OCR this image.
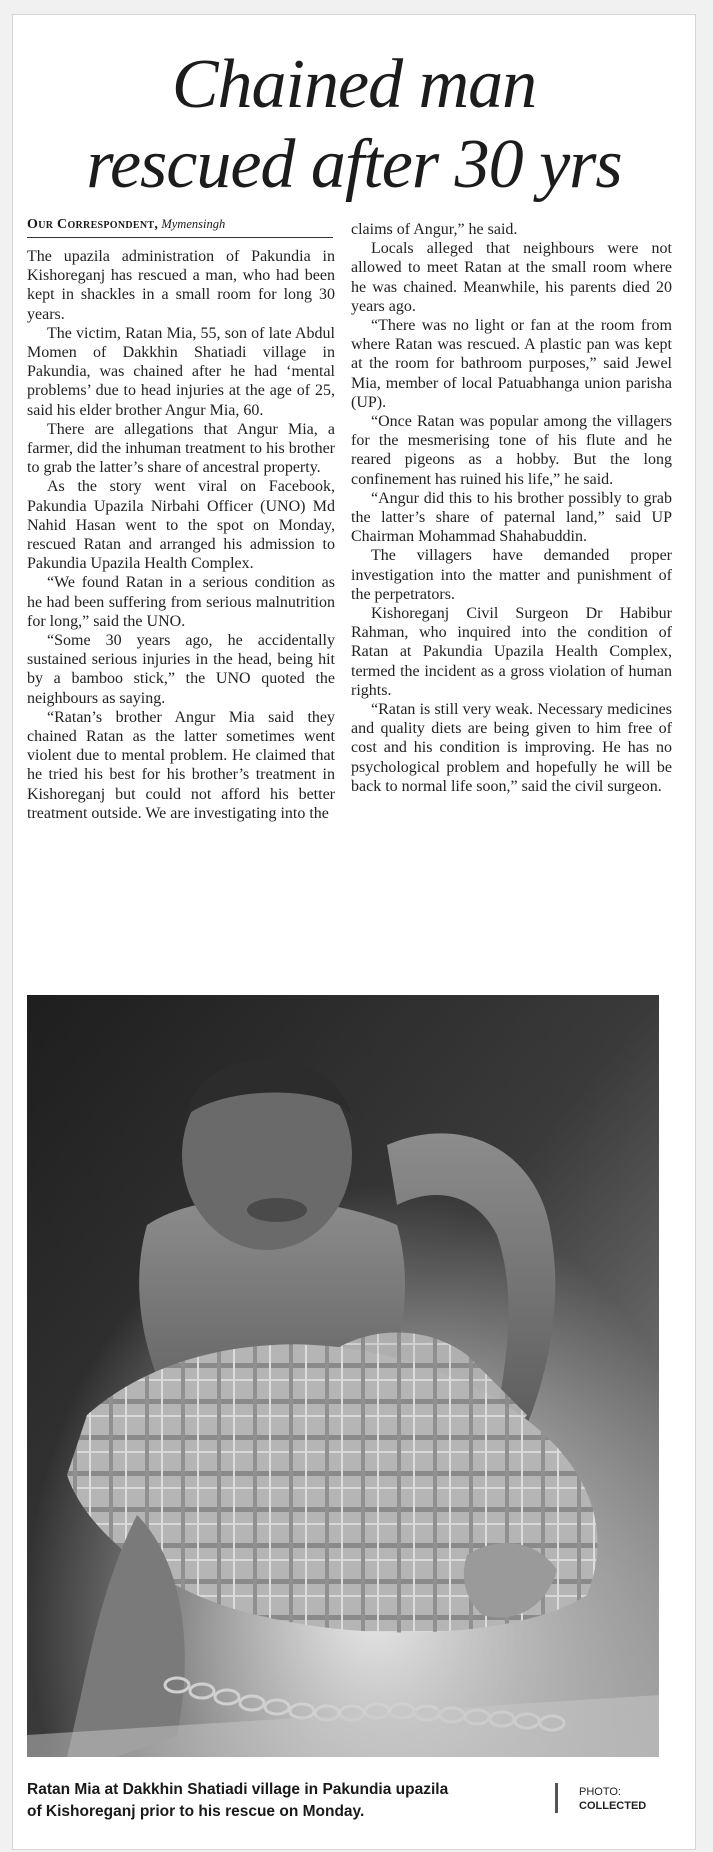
Chained man
rescued after 30 yrs
Our Correspondent, Mymensingh

The upazila administration of Pakundia in Kishoreganj has rescued a man, who had been kept in shackles in a small room for long 30 years.

The victim, Ratan Mia, 55, son of late Abdul Momen of Dakkhin Shatiadi village in Pakundia, was chained after he had ‘mental problems’ due to head injuries at the age of 25, said his elder brother Angur Mia, 60.

There are allegations that Angur Mia, a farmer, did the inhuman treatment to his brother to grab the latter’s share of ancestral property.

As the story went viral on Facebook, Pakundia Upazila Nirbahi Officer (UNO) Md Nahid Hasan went to the spot on Monday, rescued Ratan and arranged his admission to Pakundia Upazila Health Complex.

“We found Ratan in a serious condition as he had been suffering from serious malnutrition for long,” said the UNO.

“Some 30 years ago, he accidentally sustained serious injuries in the head, being hit by a bamboo stick,” the UNO quoted the neighbours as saying.

“Ratan’s brother Angur Mia said they chained Ratan as the latter sometimes went violent due to mental problem. He claimed that he tried his best for his brother’s treatment in Kishoreganj but could not afford his better treatment outside. We are investigating into the

claims of Angur,” he said.

Locals alleged that neighbours were not allowed to meet Ratan at the small room where he was chained. Meanwhile, his parents died 20 years ago.

“There was no light or fan at the room from where Ratan was rescued. A plastic pan was kept at the room for bathroom purposes,” said Jewel Mia, member of local Patuabhanga union parisha (UP).

“Once Ratan was popular among the villagers for the mesmerising tone of his flute and he reared pigeons as a hobby. But the long confinement has ruined his life,” he said.

“Angur did this to his brother possibly to grab the latter’s share of paternal land,” said UP Chairman Mohammad Shahabuddin.

The villagers have demanded proper investigation into the matter and punishment of the perpetrators.

Kishoreganj Civil Surgeon Dr Habibur Rahman, who inquired into the condition of Ratan at Pakundia Upazila Health Complex, termed the incident as a gross violation of human rights.

“Ratan is still very weak. Necessary medicines and quality diets are being given to him free of cost and his condition is improving. He has no psychological problem and hopefully he will be back to normal life soon,” said the civil surgeon.

Ratan Mia at Dakkhin Shatiadi village in Pakundia upazila
of Kishoreganj prior to his rescue on Monday.
PHOTO:
COLLECTED
